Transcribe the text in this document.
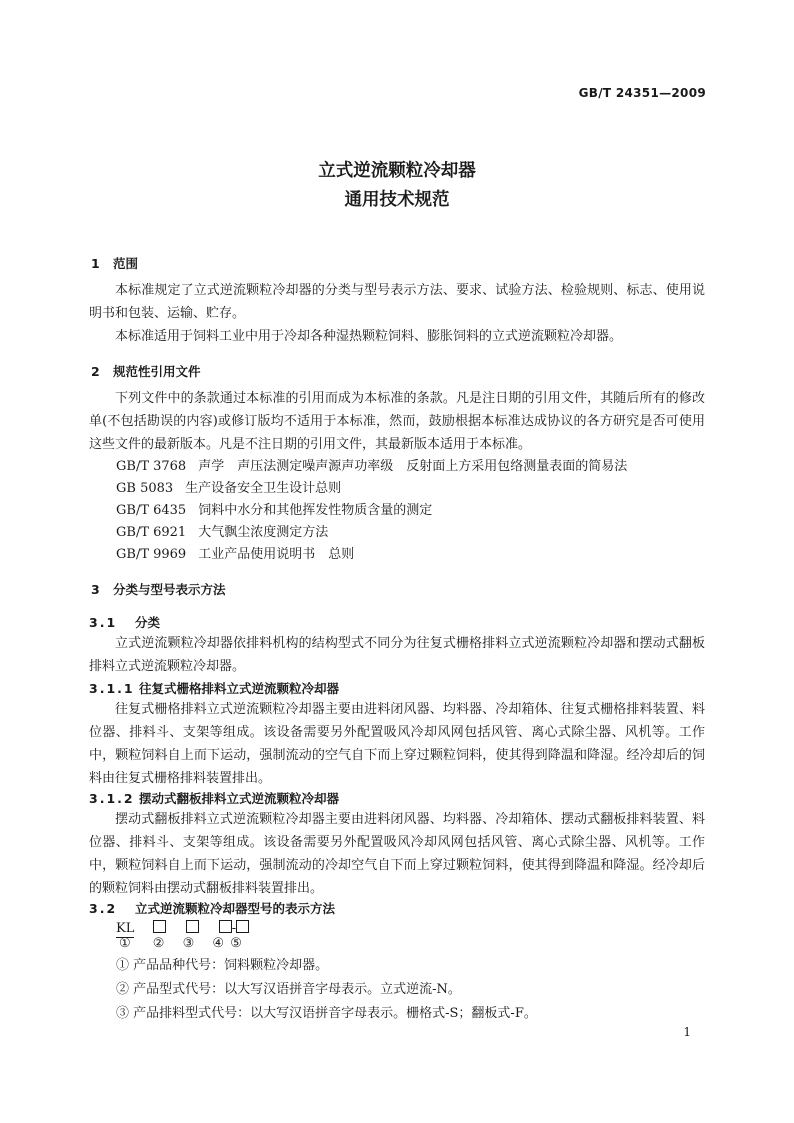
GB/T 24351—2009
立式逆流颗粒冷却器
通用技术规范
1 范围

本标准规定了立式逆流颗粒冷却器的分类与型号表示方法、要求、试验方法、检验规则、标志、使用说明书和包装、运输、贮存。

本标准适用于饲料工业中用于冷却各种湿热颗粒饲料、膨胀饲料的立式逆流颗粒冷却器。

2 规范性引用文件

下列文件中的条款通过本标准的引用而成为本标准的条款。凡是注日期的引用文件，其随后所有的修改单(不包括勘误的内容)或修订版均不适用于本标准，然而，鼓励根据本标准达成协议的各方研究是否可使用这些文件的最新版本。凡是不注日期的引用文件，其最新版本适用于本标准。

GB/T 3768 声学　声压法测定噪声源声功率级　反射面上方采用包络测量表面的简易法
GB 5083 生产设备安全卫生设计总则
GB/T 6435 饲料中水分和其他挥发性物质含量的测定
GB/T 6921 大气飘尘浓度测定方法
GB/T 9969 工业产品使用说明书　总则
3 分类与型号表示方法
3.1 分类

立式逆流颗粒冷却器依排料机构的结构型式不同分为往复式栅格排料立式逆流颗粒冷却器和摆动式翻板排料立式逆流颗粒冷却器。

3.1.1 往复式栅格排料立式逆流颗粒冷却器

往复式栅格排料立式逆流颗粒冷却器主要由进料闭风器、均料器、冷却箱体、往复式栅格排料装置、料位器、排料斗、支架等组成。该设备需要另外配置吸风冷却风网包括风管、离心式除尘器、风机等。工作中，颗粒饲料自上而下运动，强制流动的空气自下而上穿过颗粒饲料，使其得到降温和降湿。经冷却后的饲料由往复式栅格排料装置排出。

3.1.2 摆动式翻板排料立式逆流颗粒冷却器

摆动式翻板排料立式逆流颗粒冷却器主要由进料闭风器、均料器、冷却箱体、摆动式翻板排料装置、料位器、排料斗、支架等组成。该设备需要另外配置吸风冷却风网包括风管、离心式除尘器、风机等。工作中，颗粒饲料自上而下运动，强制流动的冷却空气自下而上穿过颗粒饲料，使其得到降温和降湿。经冷却后的颗粒饲料由摆动式翻板排料装置排出。

3.2 立式逆流颗粒冷却器型号的表示方法
KL	-
① ② ③ ④ ⑤
① 产品品种代号：饲料颗粒冷却器。
② 产品型式代号：以大写汉语拼音字母表示。立式逆流-N。
③ 产品排料型式代号：以大写汉语拼音字母表示。栅格式-S；翻板式-F。
1
